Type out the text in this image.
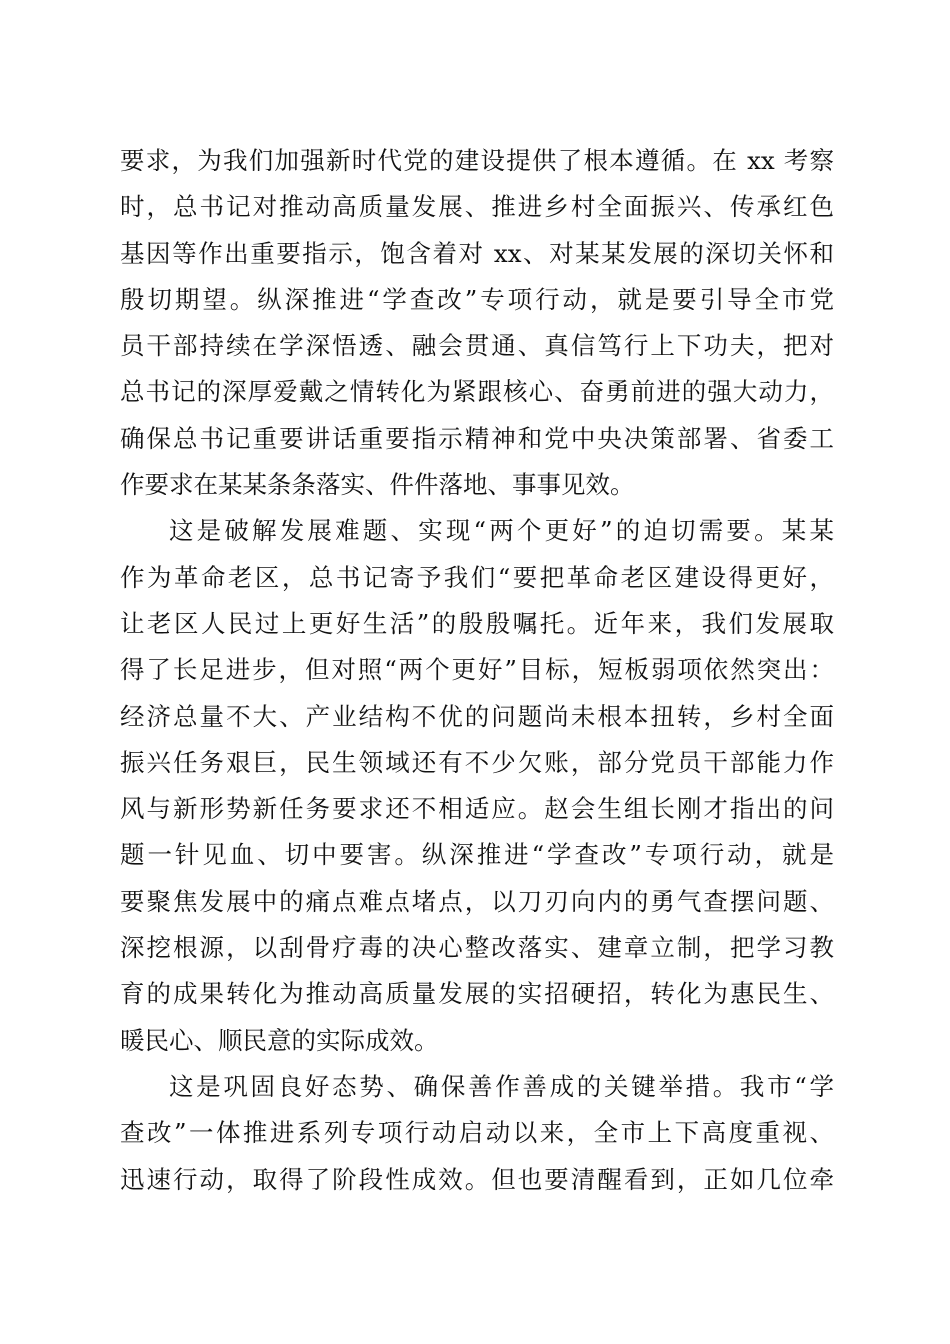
要求，为我们加强新时代党的建设提供了根本遵循。在 xx 考察
时，总书记对推动高质量发展、推进乡村全面振兴、传承红色
基因等作出重要指示，饱含着对 xx、对某某发展的深切关怀和
殷切期望。纵深推进“学查改”专项行动，就是要引导全市党
员干部持续在学深悟透、融会贯通、真信笃行上下功夫，把对
总书记的深厚爱戴之情转化为紧跟核心、奋勇前进的强大动力，
确保总书记重要讲话重要指示精神和党中央决策部署、省委工
作要求在某某条条落实、件件落地、事事见效。
这是破解发展难题、实现“两个更好”的迫切需要。某某
作为革命老区，总书记寄予我们“要把革命老区建设得更好，
让老区人民过上更好生活”的殷殷嘱托。近年来，我们发展取
得了长足进步，但对照“两个更好”目标，短板弱项依然突出：
经济总量不大、产业结构不优的问题尚未根本扭转，乡村全面
振兴任务艰巨，民生领域还有不少欠账，部分党员干部能力作
风与新形势新任务要求还不相适应。赵会生组长刚才指出的问
题一针见血、切中要害。纵深推进“学查改”专项行动，就是
要聚焦发展中的痛点难点堵点，以刀刃向内的勇气查摆问题、
深挖根源，以刮骨疗毒的决心整改落实、建章立制，把学习教
育的成果转化为推动高质量发展的实招硬招，转化为惠民生、
暖民心、顺民意的实际成效。
这是巩固良好态势、确保善作善成的关键举措。我市“学
查改”一体推进系列专项行动启动以来，全市上下高度重视、
迅速行动，取得了阶段性成效。但也要清醒看到，正如几位牵
